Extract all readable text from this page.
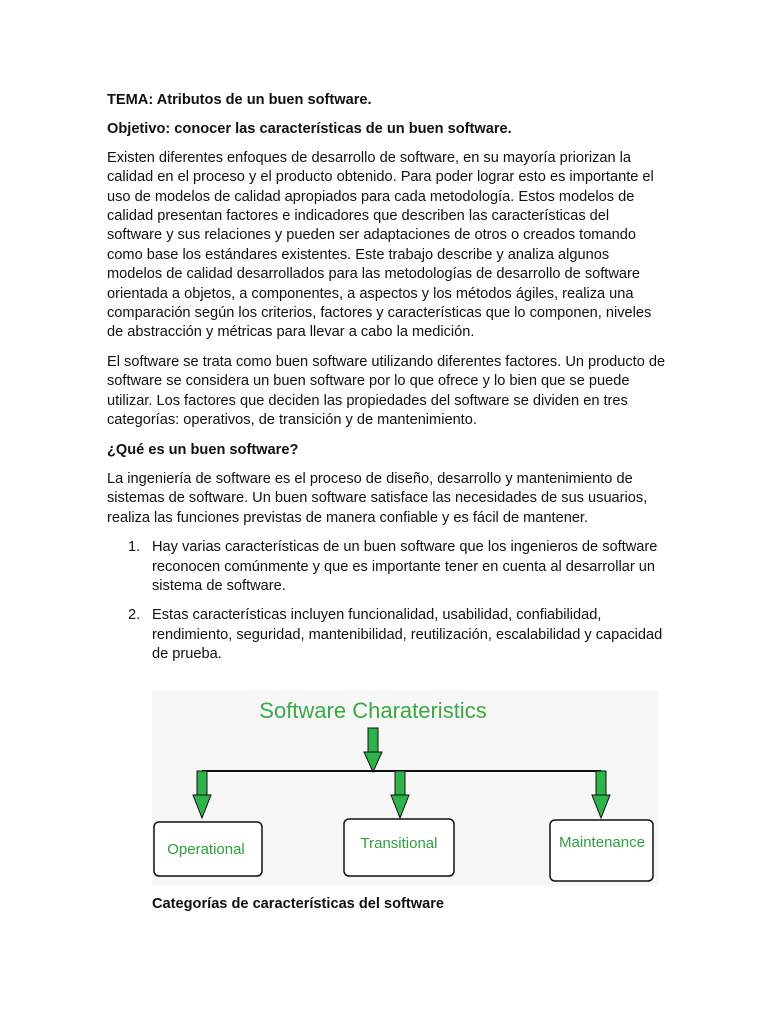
TEMA: Atributos de un buen software.

Objetivo: conocer las características de un buen software.

Existen diferentes enfoques de desarrollo de software, en su mayoría priorizan la calidad en el proceso y el producto obtenido. Para poder lograr esto es importante el uso de modelos de calidad apropiados para cada metodología. Estos modelos de calidad presentan factores e indicadores que describen las características del software y sus relaciones y pueden ser adaptaciones de otros o creados tomando como base los estándares existentes. Este trabajo describe y analiza algunos modelos de calidad desarrollados para las metodologías de desarrollo de software orientada a objetos, a componentes, a aspectos y los métodos ágiles, realiza una comparación según los criterios, factores y características que lo componen, niveles de abstracción y métricas para llevar a cabo la medición.

El software se trata como buen software utilizando diferentes factores. Un producto de software se considera un buen software por lo que ofrece y lo bien que se puede utilizar. Los factores que deciden las propiedades del software se dividen en tres categorías: operativos, de transición y de mantenimiento.

¿Qué es un buen software?

La ingeniería de software es el proceso de diseño, desarrollo y mantenimiento de sistemas de software. Un buen software satisface las necesidades de sus usuarios, realiza las funciones previstas de manera confiable y es fácil de mantener.

1. Hay varias características de un buen software que los ingenieros de software reconocen comúnmente y que es importante tener en cuenta al desarrollar un sistema de software.
2. Estas características incluyen funcionalidad, usabilidad, confiabilidad, rendimiento, seguridad, mantenibilidad, reutilización, escalabilidad y capacidad de prueba.
Software Charateristics
Operational	Transitional	Maintenance
Categorías de características del software
